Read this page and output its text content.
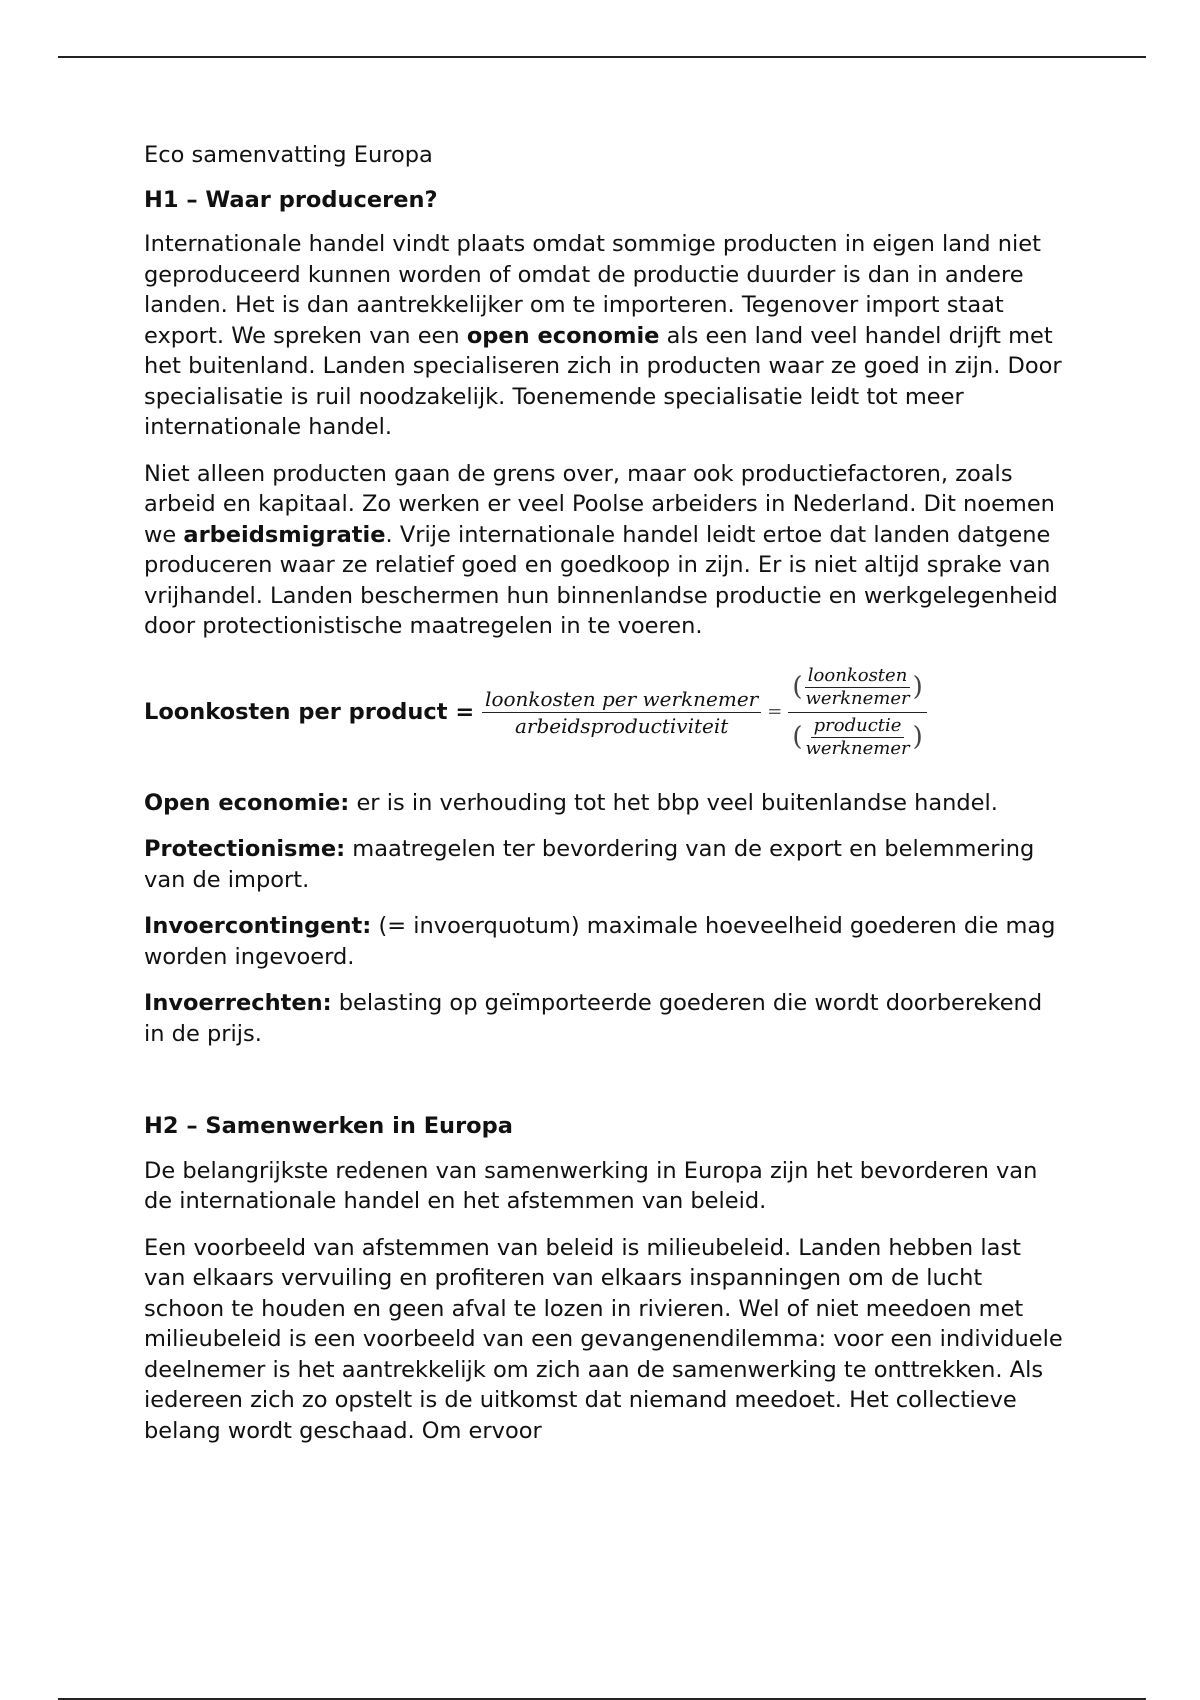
Eco samenvatting Europa

H1 – Waar produceren?

Internationale handel vindt plaats omdat sommige producten in eigen land niet geproduceerd kunnen worden of omdat de productie duurder is dan in andere landen. Het is dan aantrekkelijker om te importeren. Tegenover import staat export. We spreken van een open economie als een land veel handel drijft met het buitenland. Landen specialiseren zich in producten waar ze goed in zijn. Door specialisatie is ruil noodzakelijk. Toenemende specialisatie leidt tot meer internationale handel.

Niet alleen producten gaan de grens over, maar ook productiefactoren, zoals arbeid en kapitaal. Zo werken er veel Poolse arbeiders in Nederland. Dit noemen we arbeidsmigratie. Vrije internationale handel leidt ertoe dat landen datgene produceren waar ze relatief goed en goedkoop in zijn. Er is niet altijd sprake van vrijhandel. Landen beschermen hun binnenlandse productie en werkgelegenheid door protectionistische maatregelen in te voeren.

Loonkosten per product = $\frac{\text{loonkosten per werknemer}}{\text{arbeidsproductiviteit}}$ =
( $\frac{\text{loonkosten}}{\text{werknemer}}$ )
( $\frac{\text{productie}}{\text{werknemer}}$ )

Open economie: er is in verhouding tot het bbp veel buitenlandse handel.

Protectionisme: maatregelen ter bevordering van de export en belemmering van de import.

Invoercontingent: (= invoerquotum) maximale hoeveelheid goederen die mag worden ingevoerd.

Invoerrechten: belasting op geïmporteerde goederen die wordt doorberekend in de prijs.

H2 – Samenwerken in Europa

De belangrijkste redenen van samenwerking in Europa zijn het bevorderen van de internationale handel en het afstemmen van beleid.

Een voorbeeld van afstemmen van beleid is milieubeleid. Landen hebben last van elkaars vervuiling en profiteren van elkaars inspanningen om de lucht schoon te houden en geen afval te lozen in rivieren. Wel of niet meedoen met milieubeleid is een voorbeeld van een gevangenendilemma: voor een individuele deelnemer is het aantrekkelijk om zich aan de samenwerking te onttrekken. Als iedereen zich zo opstelt is de uitkomst dat niemand meedoet. Het collectieve belang wordt geschaad. Om ervoor
